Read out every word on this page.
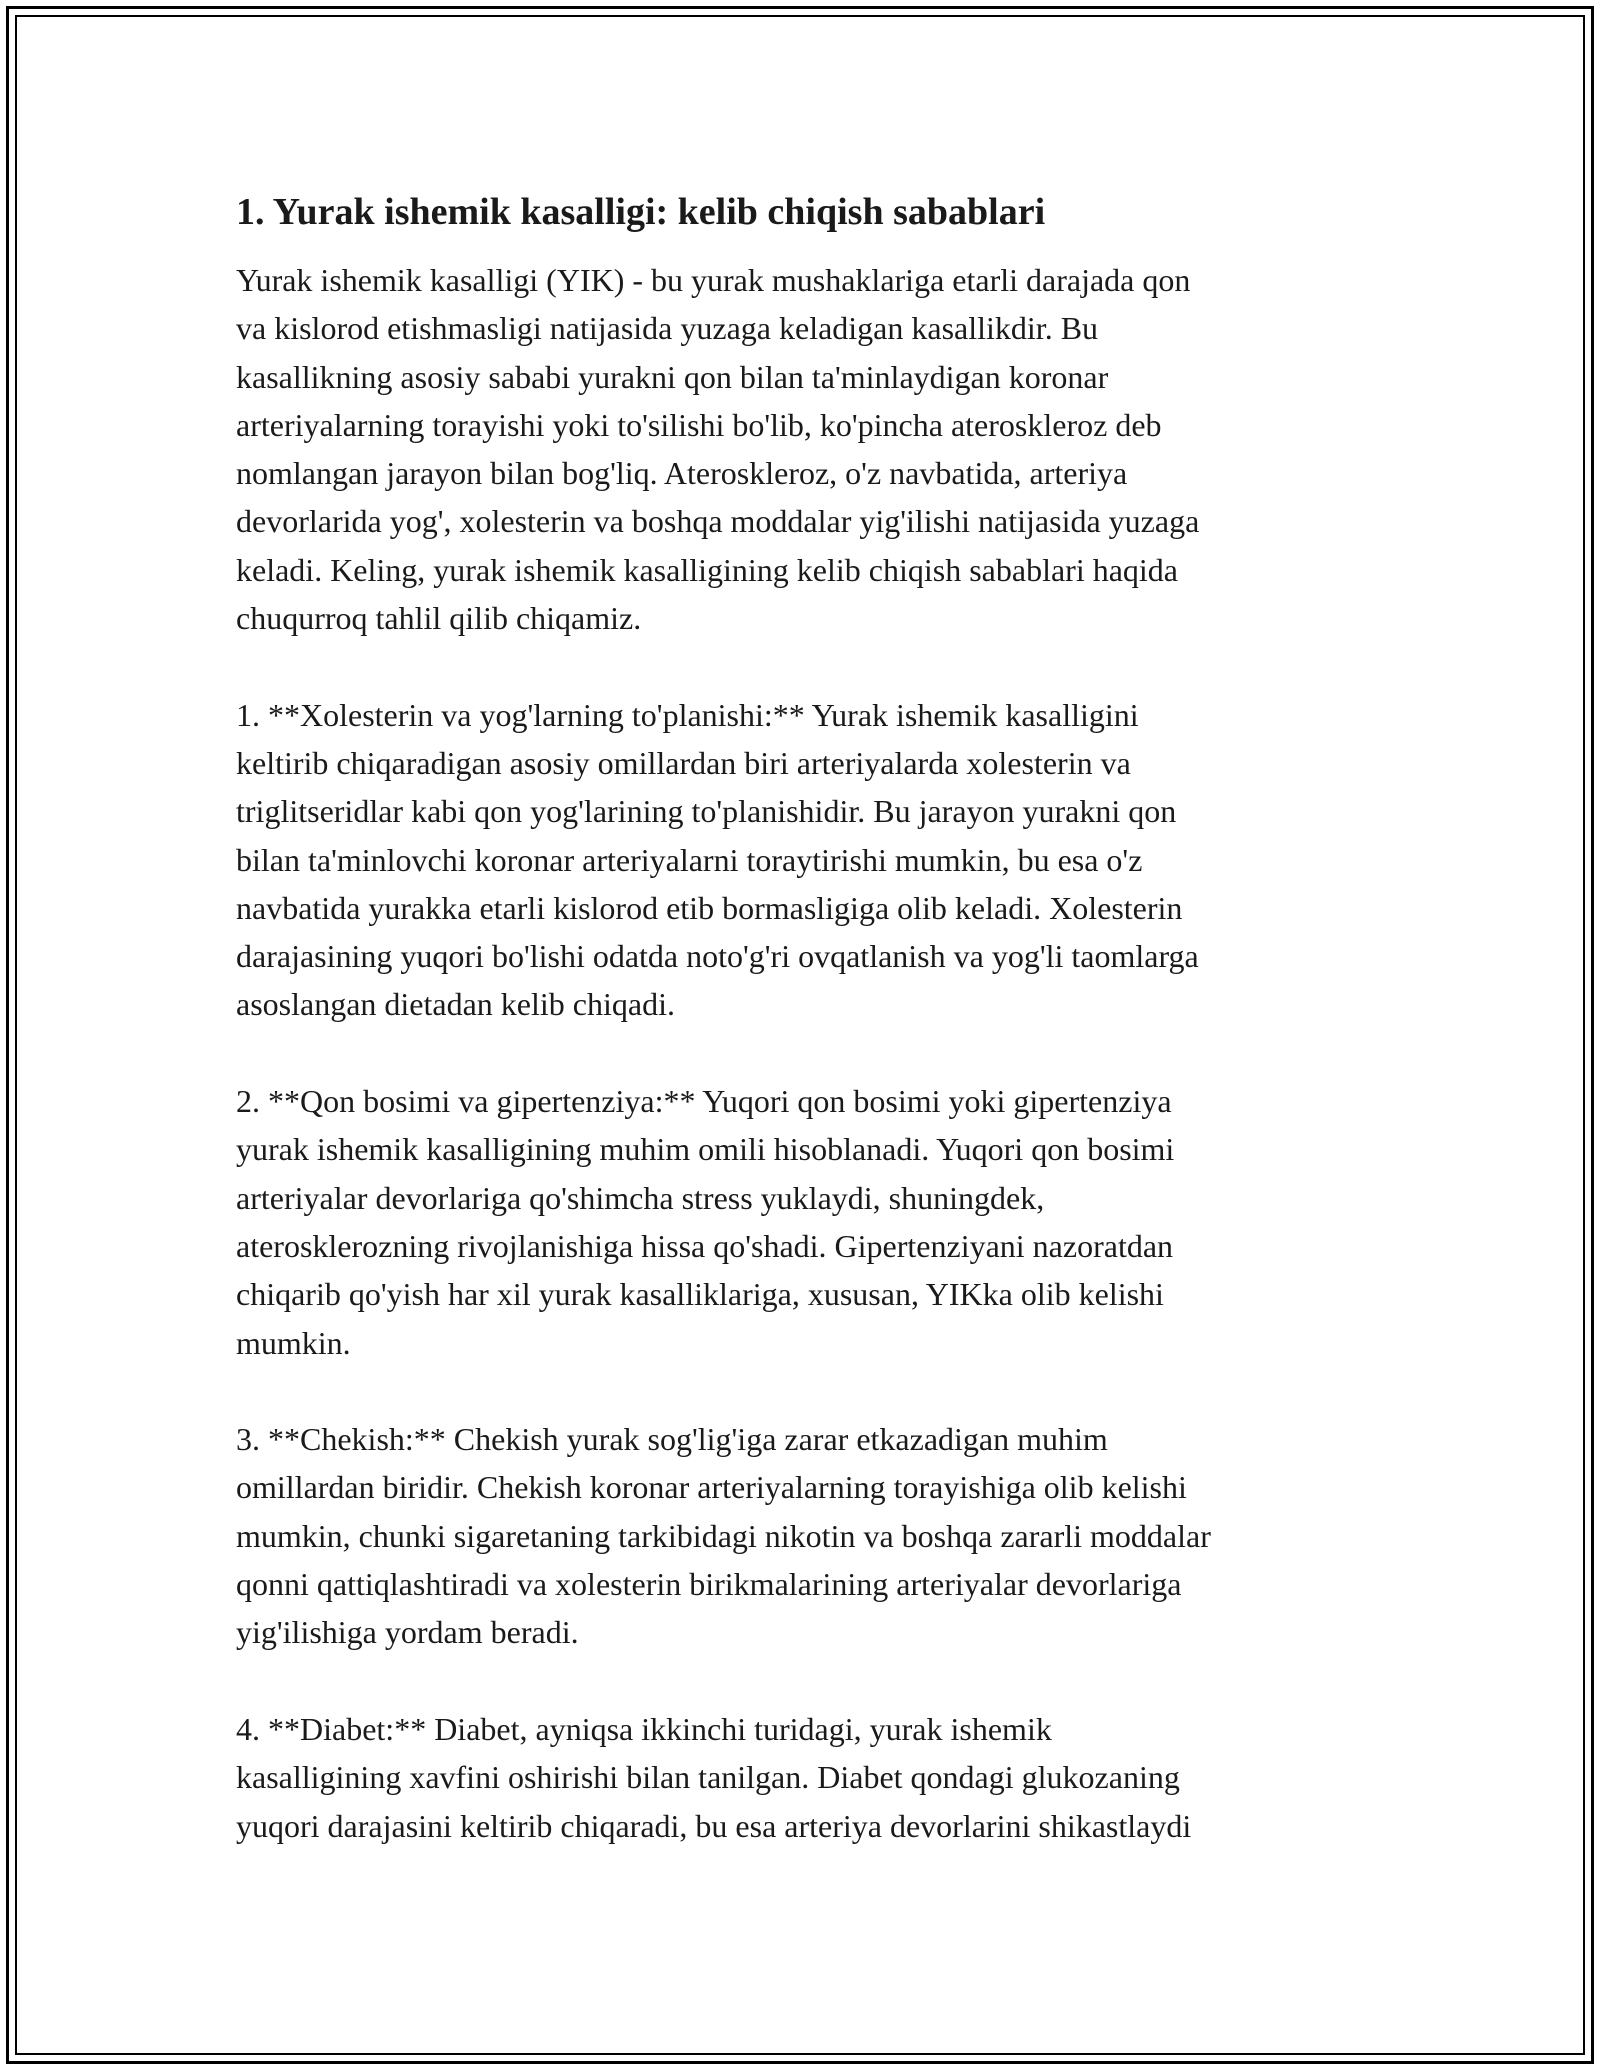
1. Yurak ishemik kasalligi: kelib chiqish sabablari
Yurak ishemik kasalligi (YIK) - bu yurak mushaklariga etarli darajada qon
va kislorod etishmasligi natijasida yuzaga keladigan kasallikdir. Bu
kasallikning asosiy sababi yurakni qon bilan ta'minlaydigan koronar
arteriyalarning torayishi yoki to'silishi bo'lib, ko'pincha ateroskleroz deb
nomlangan jarayon bilan bog'liq. Ateroskleroz, o'z navbatida, arteriya
devorlarida yog', xolesterin va boshqa moddalar yig'ilishi natijasida yuzaga
keladi. Keling, yurak ishemik kasalligining kelib chiqish sabablari haqida
chuqurroq tahlil qilib chiqamiz.
1. **Xolesterin va yog'larning to'planishi:** Yurak ishemik kasalligini
keltirib chiqaradigan asosiy omillardan biri arteriyalarda xolesterin va
triglitseridlar kabi qon yog'larining to'planishidir. Bu jarayon yurakni qon
bilan ta'minlovchi koronar arteriyalarni toraytirishi mumkin, bu esa o'z
navbatida yurakka etarli kislorod etib bormasligiga olib keladi. Xolesterin
darajasining yuqori bo'lishi odatda noto'g'ri ovqatlanish va yog'li taomlarga
asoslangan dietadan kelib chiqadi.
2. **Qon bosimi va gipertenziya:** Yuqori qon bosimi yoki gipertenziya
yurak ishemik kasalligining muhim omili hisoblanadi. Yuqori qon bosimi
arteriyalar devorlariga qo'shimcha stress yuklaydi, shuningdek,
aterosklerozning rivojlanishiga hissa qo'shadi. Gipertenziyani nazoratdan
chiqarib qo'yish har xil yurak kasalliklariga, xususan, YIKka olib kelishi
mumkin.
3. **Chekish:** Chekish yurak sog'lig'iga zarar etkazadigan muhim
omillardan biridir. Chekish koronar arteriyalarning torayishiga olib kelishi
mumkin, chunki sigaretaning tarkibidagi nikotin va boshqa zararli moddalar
qonni qattiqlashtiradi va xolesterin birikmalarining arteriyalar devorlariga
yig'ilishiga yordam beradi.
4. **Diabet:** Diabet, ayniqsa ikkinchi turidagi, yurak ishemik
kasalligining xavfini oshirishi bilan tanilgan. Diabet qondagi glukozaning
yuqori darajasini keltirib chiqaradi, bu esa arteriya devorlarini shikastlaydi
